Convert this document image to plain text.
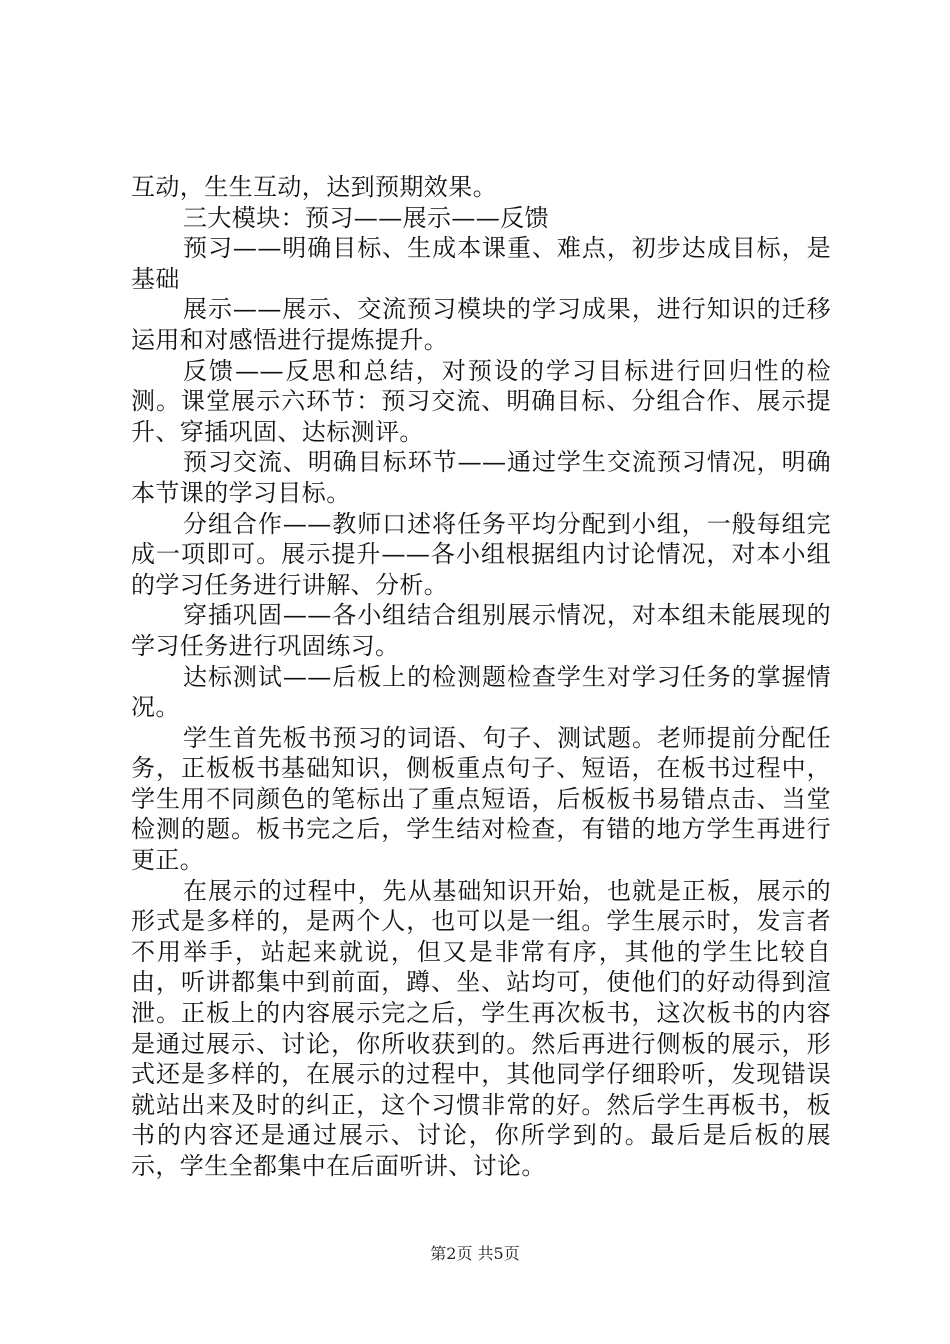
互动，生生互动，达到预期效果。

三大模块：预习——展示——反馈

预习——明确目标、生成本课重、难点，初步达成目标，是基础

展示——展示、交流预习模块的学习成果，进行知识的迁移运用和对感悟进行提炼提升。

反馈——反思和总结，对预设的学习目标进行回归性的检测。课堂展示六环节：预习交流、明确目标、分组合作、展示提升、穿插巩固、达标测评。

预习交流、明确目标环节——通过学生交流预习情况，明确本节课的学习目标。

分组合作——教师口述将任务平均分配到小组，一般每组完成一项即可。展示提升——各小组根据组内讨论情况，对本小组的学习任务进行讲解、分析。

穿插巩固——各小组结合组别展示情况，对本组未能展现的学习任务进行巩固练习。

达标测试——后板上的检测题检查学生对学习任务的掌握情况。

学生首先板书预习的词语、句子、测试题。老师提前分配任务，正板板书基础知识，侧板重点句子、短语，在板书过程中，学生用不同颜色的笔标出了重点短语，后板板书易错点击、当堂检测的题。板书完之后，学生结对检查，有错的地方学生再进行更正。

在展示的过程中，先从基础知识开始，也就是正板，展示的形式是多样的，是两个人，也可以是一组。学生展示时，发言者不用举手，站起来就说，但又是非常有序，其他的学生比较自由，听讲都集中到前面，蹲、坐、站均可，使他们的好动得到渲泄。正板上的内容展示完之后，学生再次板书，这次板书的内容是通过展示、讨论，你所收获到的。然后再进行侧板的展示，形式还是多样的，在展示的过程中，其他同学仔细聆听，发现错误就站出来及时的纠正，这个习惯非常的好。然后学生再板书，板书的内容还是通过展示、讨论，你所学到的。最后是后板的展示，学生全都集中在后面听讲、讨论。

第2页 共5页
